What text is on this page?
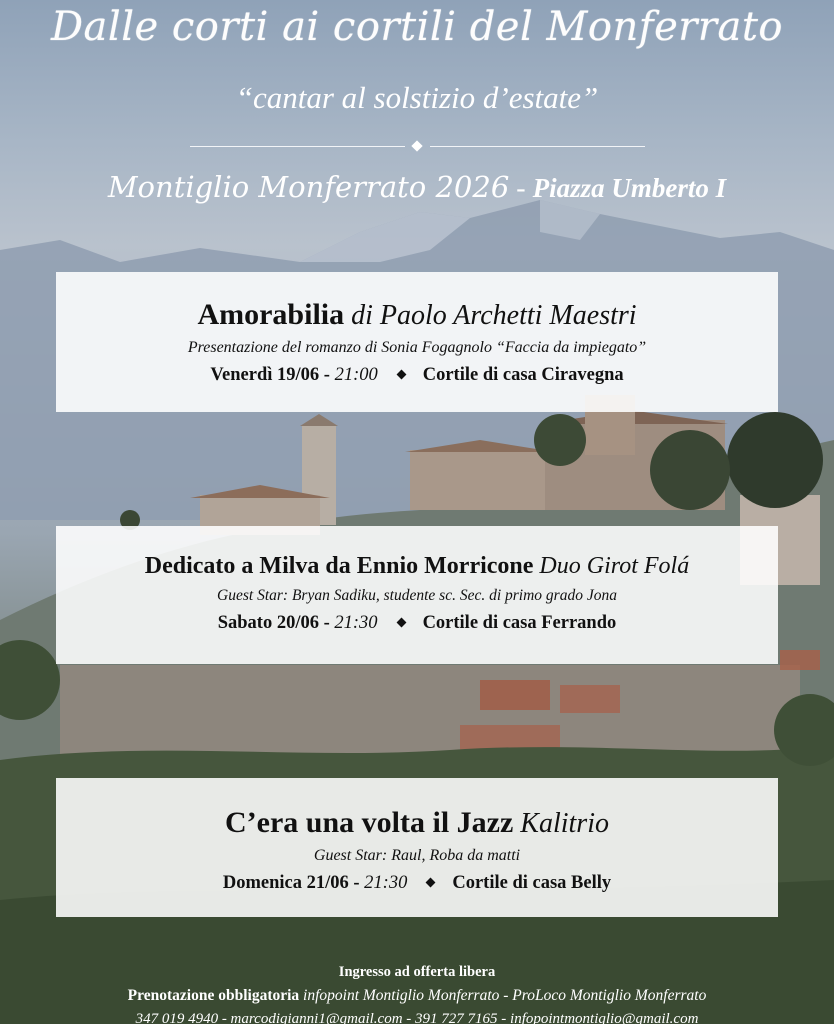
Dalle corti ai cortili del Monferrato
“cantar al solstizio d’estate”
Montiglio Monferrato 2026 - Piazza Umberto I
Amorabilia di Paolo Archetti Maestri
Presentazione del romanzo di Sonia Fogagnolo “Faccia da impiegato”
Venerdì 19/06 - 21:00 Cortile di casa Ciravegna
Dedicato a Milva da Ennio Morricone Duo Girot Folá
Guest Star: Bryan Sadiku, studente sc. Sec. di primo grado Jona
Sabato 20/06 - 21:30 Cortile di casa Ferrando
C’era una volta il Jazz Kalitrio
Guest Star: Raul, Roba da matti
Domenica 21/06 - 21:30 Cortile di casa Belly
Ingresso ad offerta libera
Prenotazione obbligatoria infopoint Montiglio Monferrato - ProLoco Montiglio Monferrato
347 019 4940 - marcodigianni1@gmail.com - 391 727 7165 - infopointmontiglio@gmail.com
